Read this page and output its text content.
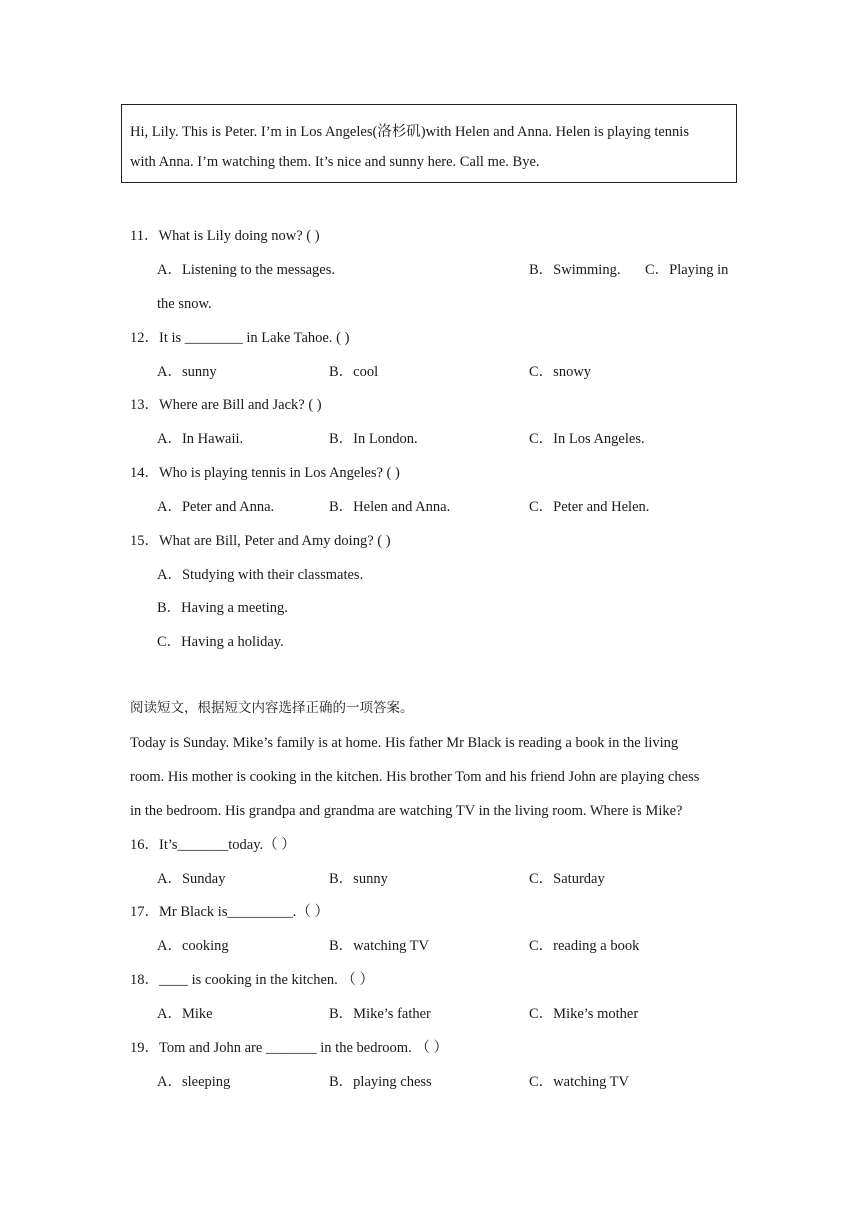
Hi, Lily. This is Peter. I’m in Los Angeles(洛杉矶)with Helen and Anna. Helen is playing tennis
with Anna. I’m watching them. It’s nice and sunny here. Call me. Bye.
11．What is Lily doing now? ( )
A．Listening to the messages.	B．Swimming. C．Playing in
the snow.
12．It is ________ in Lake Tahoe. ( )
A．sunny	B．cool	C．snowy
13．Where are Bill and Jack? ( )
A．In Hawaii.	B．In London.	C．In Los Angeles.
14．Who is playing tennis in Los Angeles? ( )
A．Peter and Anna.	B．Helen and Anna.	C．Peter and Helen.
15．What are Bill, Peter and Amy doing? ( )
A．Studying with their classmates.
B．Having a meeting.
C．Having a holiday.
阅读短文，根据短文内容选择正确的一项答案。
Today is Sunday. Mike’s family is at home. His father Mr Black is reading a book in the living
room. His mother is cooking in the kitchen. His brother Tom and his friend John are playing chess
in the bedroom. His grandpa and grandma are watching TV in the living room. Where is Mike?
16．It’s_______today.（ ）
A．Sunday	B．sunny	C．Saturday
17．Mr Black is_________.（ ）
A．cooking	B．watching TV	C．reading a book
18．____ is cooking in the kitchen. （ ）
A．Mike	B．Mike’s father	C．Mike’s mother
19．Tom and John are _______ in the bedroom. （ ）
A．sleeping	B．playing chess	C．watching TV
